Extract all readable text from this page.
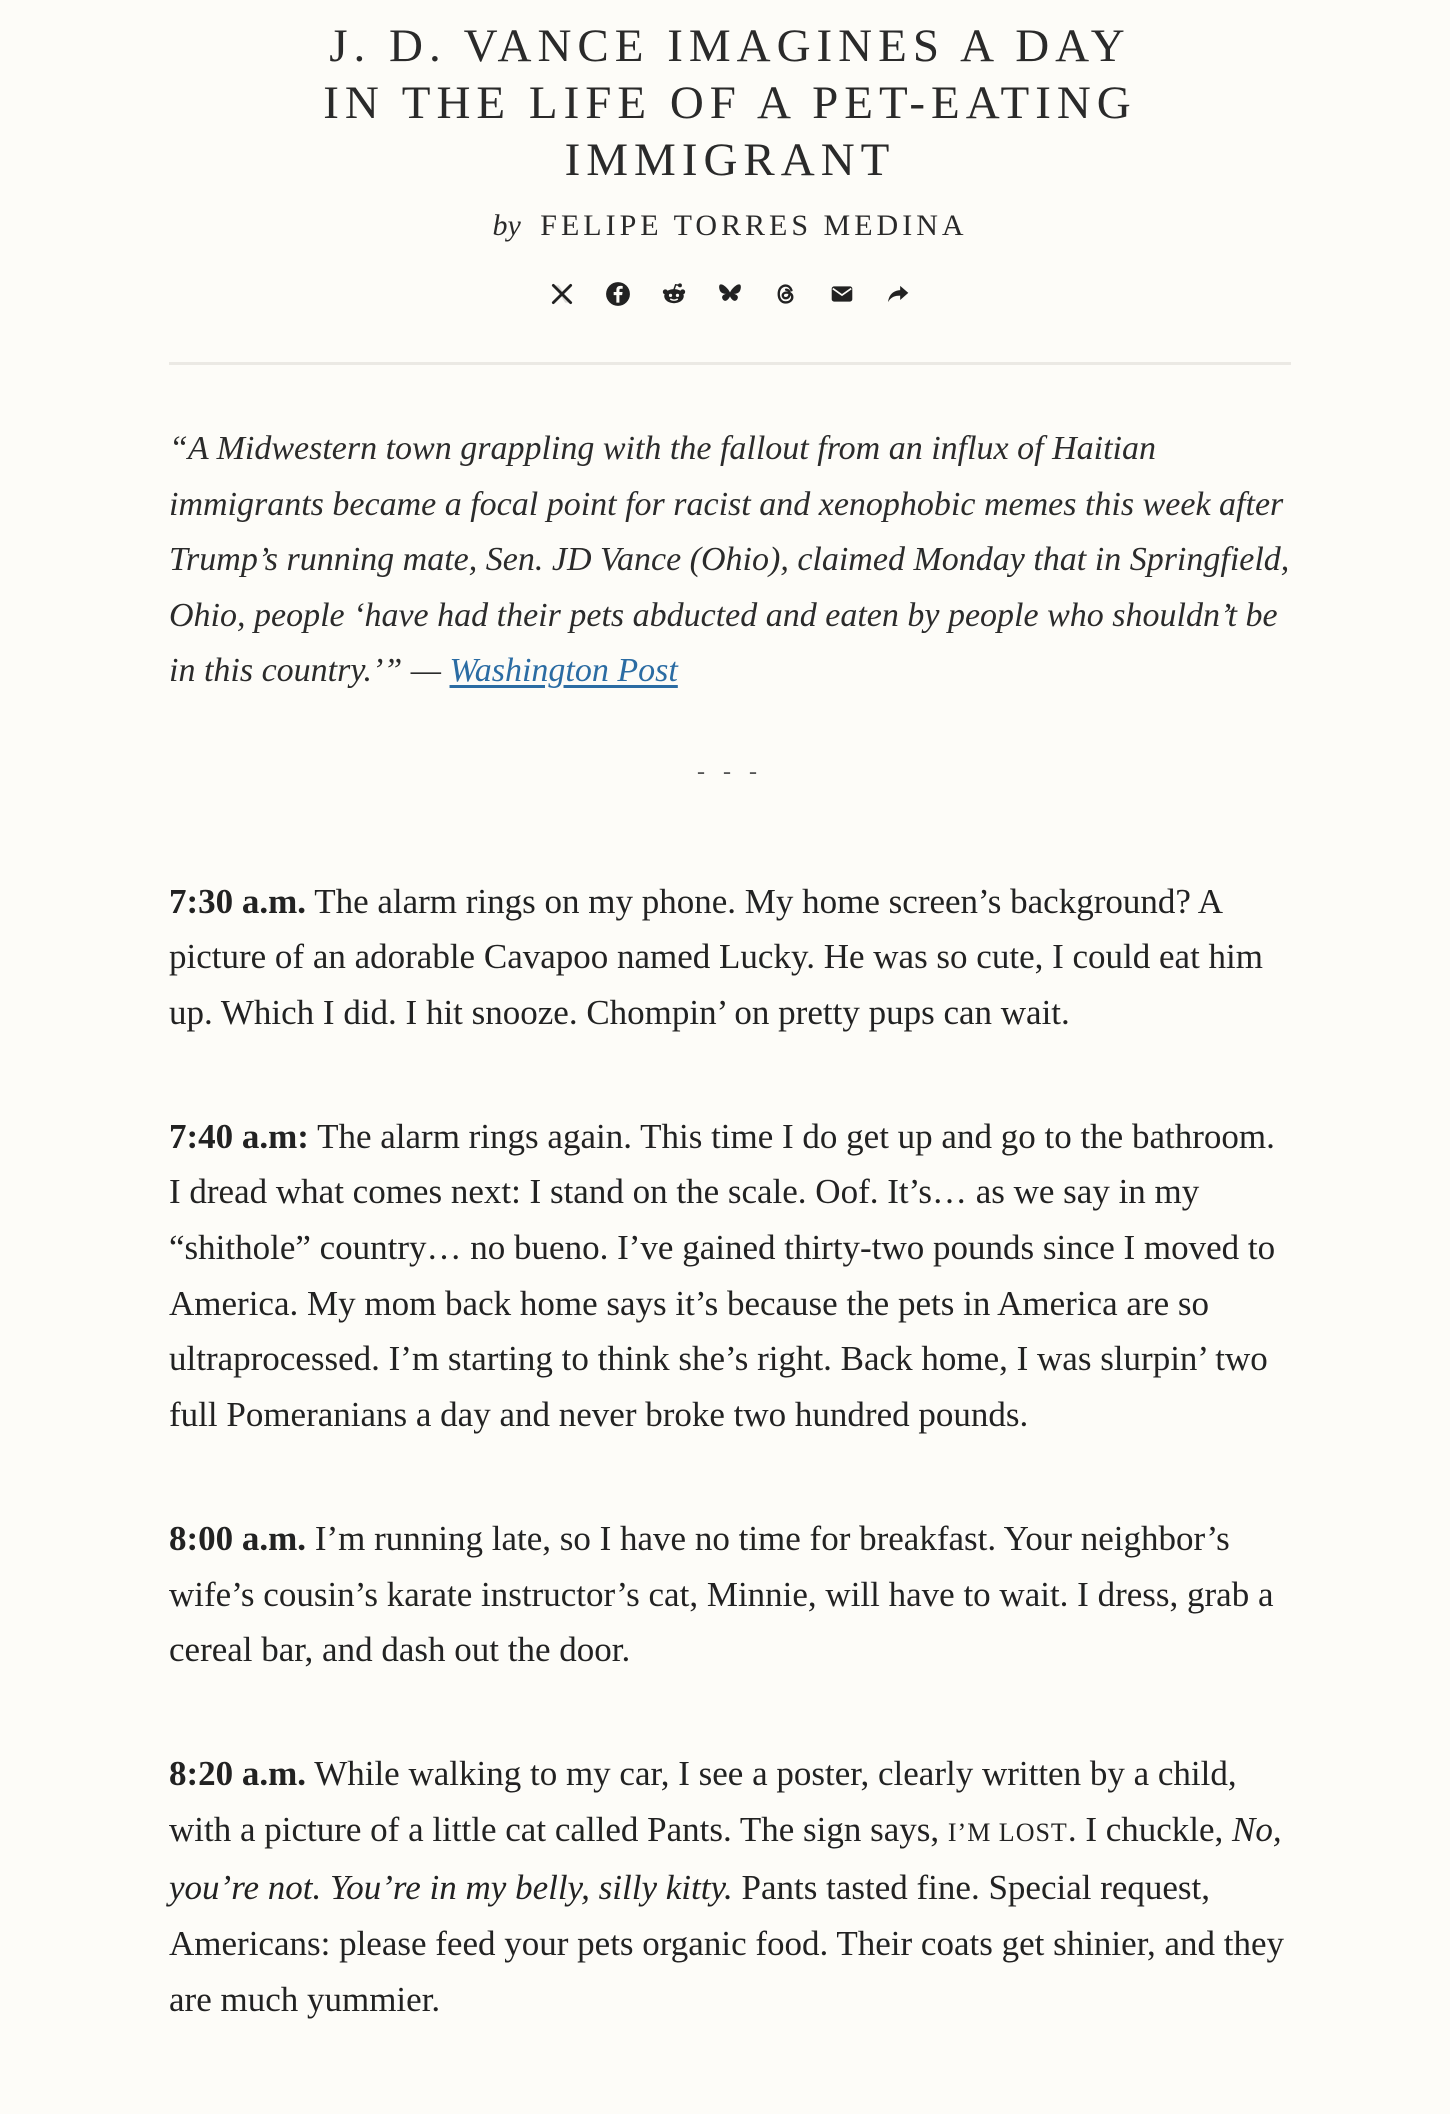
J. D. VANCE IMAGINES A DAY IN THE LIFE OF A PET-EATING IMMIGRANT
by FELIPE TORRES MEDINA

“A Midwestern town grappling with the fallout from an influx of Haitian immigrants became a focal point for racist and xenophobic memes this week after Trump’s running mate, Sen. JD Vance (Ohio), claimed Monday that in Springfield, Ohio, people ‘have had their pets abducted and eaten by people who shouldn’t be in this country.’” — Washington Post

- - -

7:30 a.m. The alarm rings on my phone. My home screen’s background? A picture of an adorable Cavapoo named Lucky. He was so cute, I could eat him up. Which I did. I hit snooze. Chompin’ on pretty pups can wait.

7:40 a.m: The alarm rings again. This time I do get up and go to the bathroom. I dread what comes next: I stand on the scale. Oof. It’s… as we say in my “shithole” country… no bueno. I’ve gained thirty-two pounds since I moved to America. My mom back home says it’s because the pets in America are so ultraprocessed. I’m starting to think she’s right. Back home, I was slurpin’ two full Pomeranians a day and never broke two hundred pounds.

8:00 a.m. I’m running late, so I have no time for breakfast. Your neighbor’s wife’s cousin’s karate instructor’s cat, Minnie, will have to wait. I dress, grab a cereal bar, and dash out the door.

8:20 a.m. While walking to my car, I see a poster, clearly written by a child, with a picture of a little cat called Pants. The sign says, I’M LOST. I chuckle, No, you’re not. You’re in my belly, silly kitty. Pants tasted fine. Special request, Americans: please feed your pets organic food. Their coats get shinier, and they are much yummier.
